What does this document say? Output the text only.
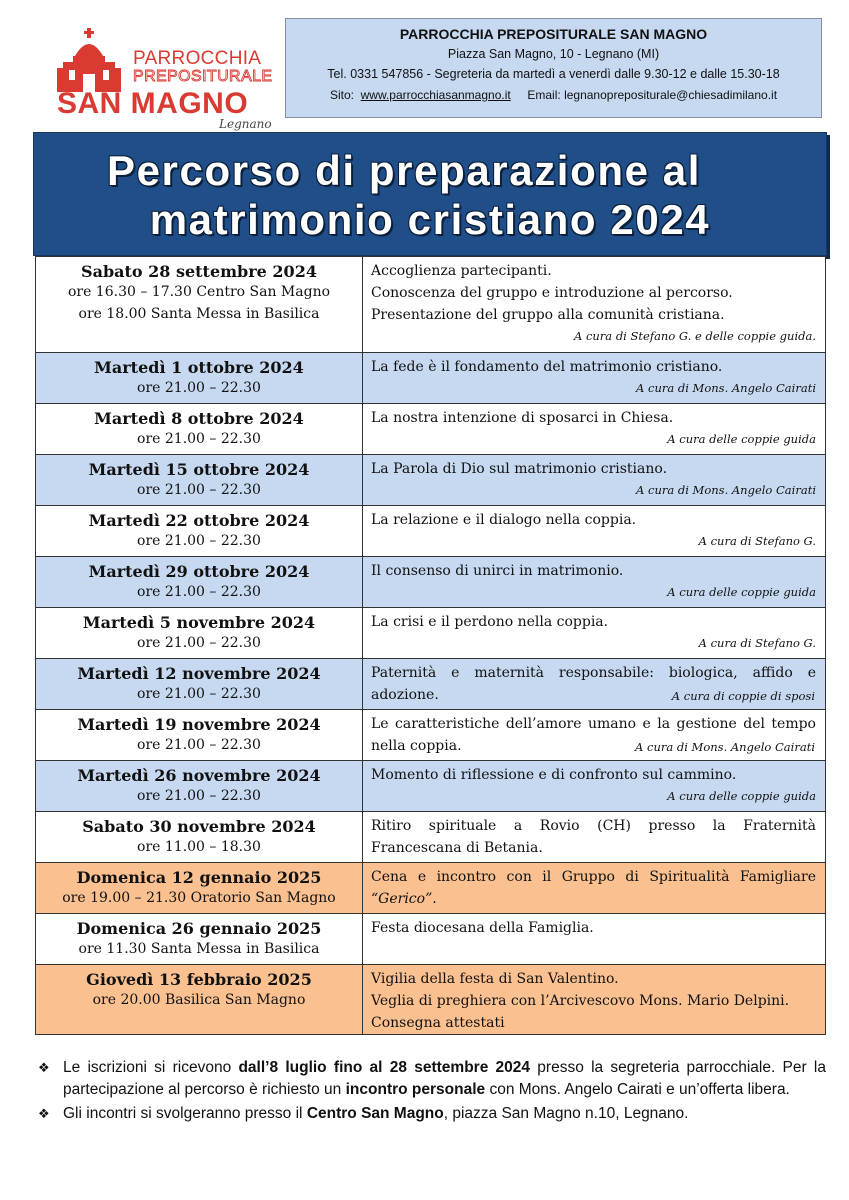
PARROCCHIA
PREPOSITURALE
SAN MAGNO
Legnano
PARROCCHIA PREPOSITURALE SAN MAGNO
Piazza San Magno, 10 - Legnano (MI)
Tel. 0331 547856 - Segreteria da martedì a venerdì dalle 9.30-12 e dalle 15.30-18
Sito: www.parrocchiasanmagno.it Email: legnanoprepositurale@chiesadimilano.it
Percorso di preparazione al
matrimonio cristiano 2024
Sabato 28 settembre 2024
ore 16.30 – 17.30 Centro San Magno
ore 18.00 Santa Messa in Basilica	Accoglienza partecipanti.
Conoscenza del gruppo e introduzione al percorso.
Presentazione del gruppo alla comunità cristiana.
A cura di Stefano G. e delle coppie guida.

Martedì 1 ottobre 2024
ore 21.00 – 22.30	La fede è il fondamento del matrimonio cristiano.
A cura di Mons. Angelo Cairati

Martedì 8 ottobre 2024
ore 21.00 – 22.30	La nostra intenzione di sposarci in Chiesa.
A cura delle coppie guida

Martedì 15 ottobre 2024
ore 21.00 – 22.30	La Parola di Dio sul matrimonio cristiano.
A cura di Mons. Angelo Cairati

Martedì 22 ottobre 2024
ore 21.00 – 22.30	La relazione e il dialogo nella coppia.
A cura di Stefano G.

Martedì 29 ottobre 2024
ore 21.00 – 22.30	Il consenso di unirci in matrimonio.
A cura delle coppie guida

Martedì 5 novembre 2024
ore 21.00 – 22.30	La crisi e il perdono nella coppia.
A cura di Stefano G.

Martedì 12 novembre 2024
ore 21.00 – 22.30	Paternità e maternità responsabile: biologica, affido e adozione. A cura di coppie di sposi

Martedì 19 novembre 2024
ore 21.00 – 22.30	Le caratteristiche dell’amore umano e la gestione del tempo nella coppia. A cura di Mons. Angelo Cairati

Martedì 26 novembre 2024
ore 21.00 – 22.30	Momento di riflessione e di confronto sul cammino.
A cura delle coppie guida

Sabato 30 novembre 2024
ore 11.00 – 18.30	Ritiro spirituale a Rovio (CH) presso la Fraternità Francescana di Betania.

Domenica 12 gennaio 2025
ore 19.00 – 21.30 Oratorio San Magno	Cena e incontro con il Gruppo di Spiritualità Famigliare “Gerico”.

Domenica 26 gennaio 2025
ore 11.30 Santa Messa in Basilica	Festa diocesana della Famiglia.

Giovedì 13 febbraio 2025
ore 20.00 Basilica San Magno	Vigilia della festa di San Valentino.
Veglia di preghiera con l’Arcivescovo Mons. Mario Delpini.
Consegna attestati
❖ Le iscrizioni si ricevono dall’8 luglio fino al 28 settembre 2024 presso la segreteria parrocchiale. Per la partecipazione al percorso è richiesto un incontro personale con Mons. Angelo Cairati e un’offerta libera.
❖ Gli incontri si svolgeranno presso il Centro San Magno, piazza San Magno n.10, Legnano.
